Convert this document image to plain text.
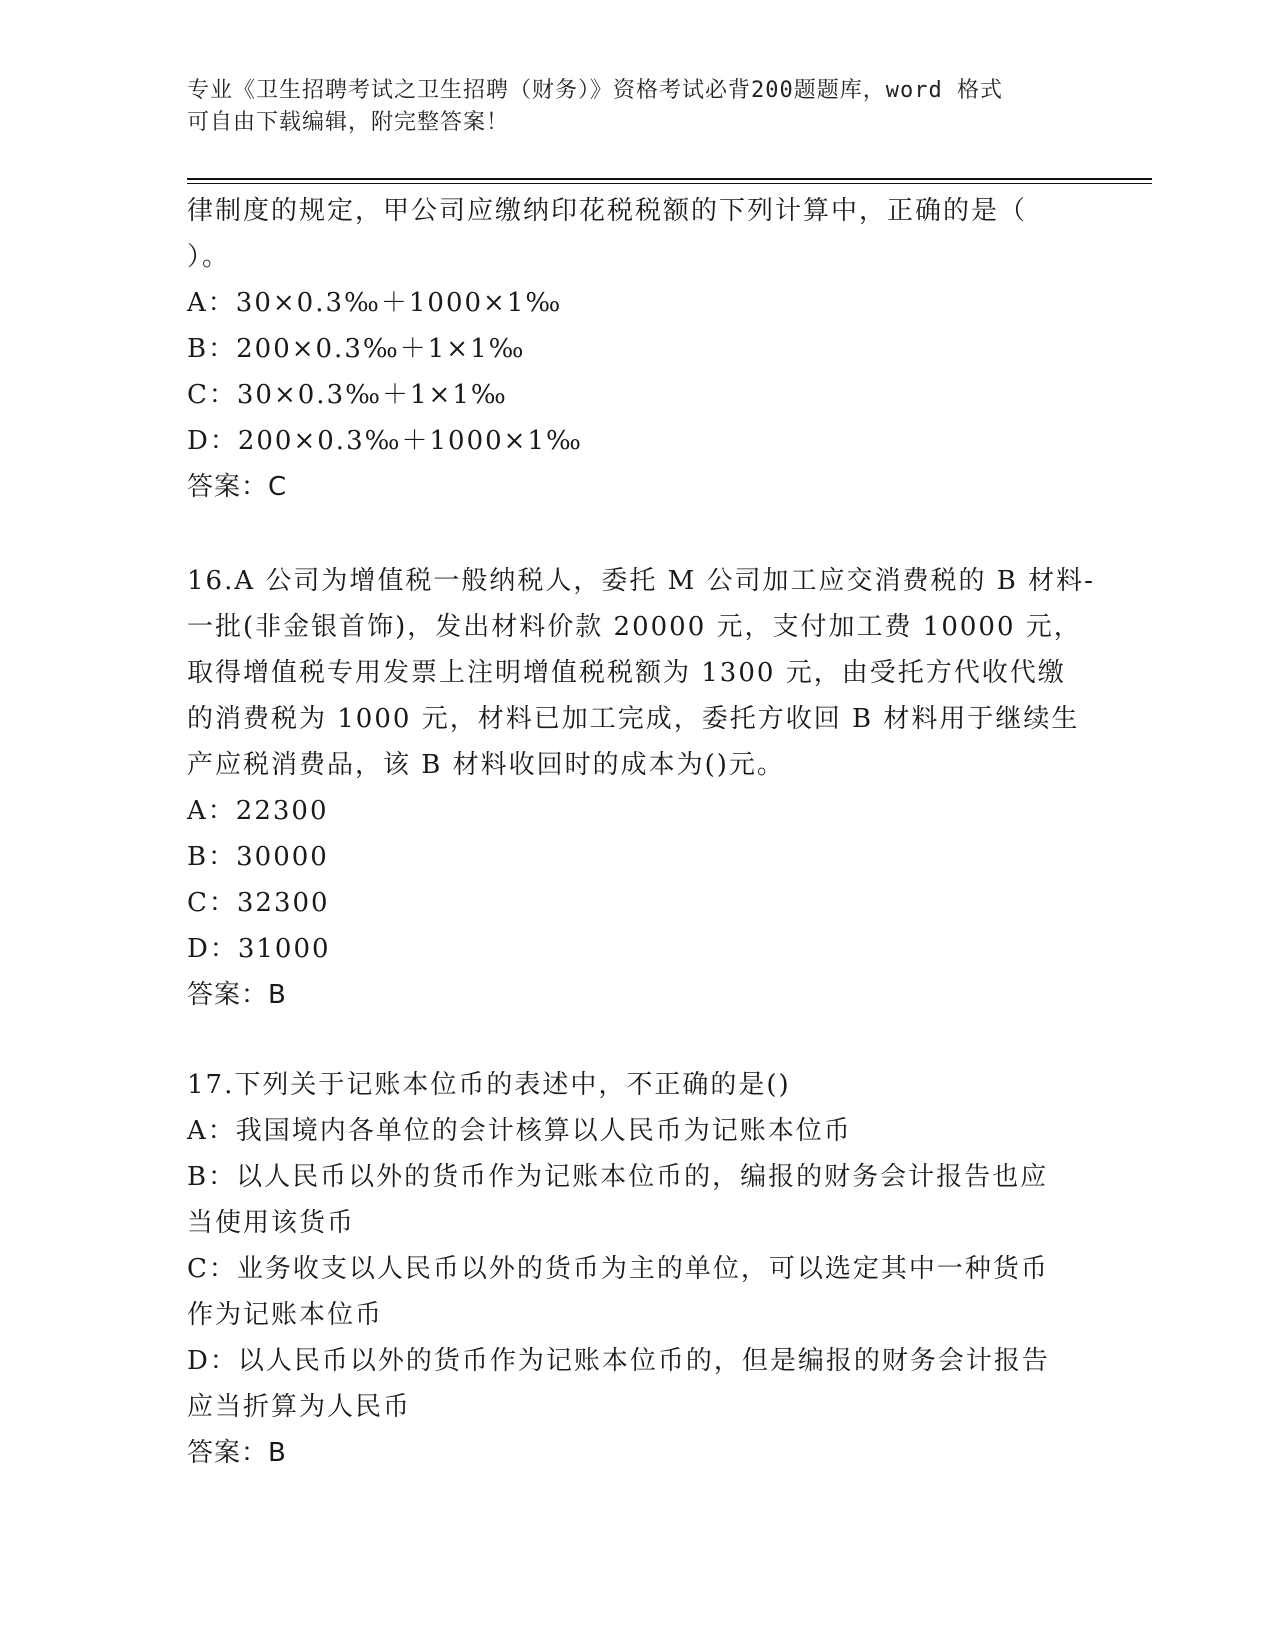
专业《卫生招聘考试之卫生招聘（财务）》资格考试必背200题题库，word 格式
可自由下载编辑，附完整答案！
律制度的规定，甲公司应缴纳印花税税额的下列计算中，正确的是（
）。
A：30×0.3‰＋1000×1‰
B：200×0.3‰＋1×1‰
C：30×0.3‰＋1×1‰
D：200×0.3‰＋1000×1‰
答案：C
16.A 公司为增值税一般纳税人，委托 M 公司加工应交消费税的 B 材料-
一批(非金银首饰)，发出材料价款 20000 元，支付加工费 10000 元，
取得增值税专用发票上注明增值税税额为 1300 元，由受托方代收代缴
的消费税为 1000 元，材料已加工完成，委托方收回 B 材料用于继续生
产应税消费品，该 B 材料收回时的成本为()元。
A：22300
B：30000
C：32300
D：31000
答案：B
17.下列关于记账本位币的表述中，不正确的是()
A：我国境内各单位的会计核算以人民币为记账本位币
B：以人民币以外的货币作为记账本位币的，编报的财务会计报告也应
当使用该货币
C：业务收支以人民币以外的货币为主的单位，可以选定其中一种货币
作为记账本位币
D：以人民币以外的货币作为记账本位币的，但是编报的财务会计报告
应当折算为人民币
答案：B
